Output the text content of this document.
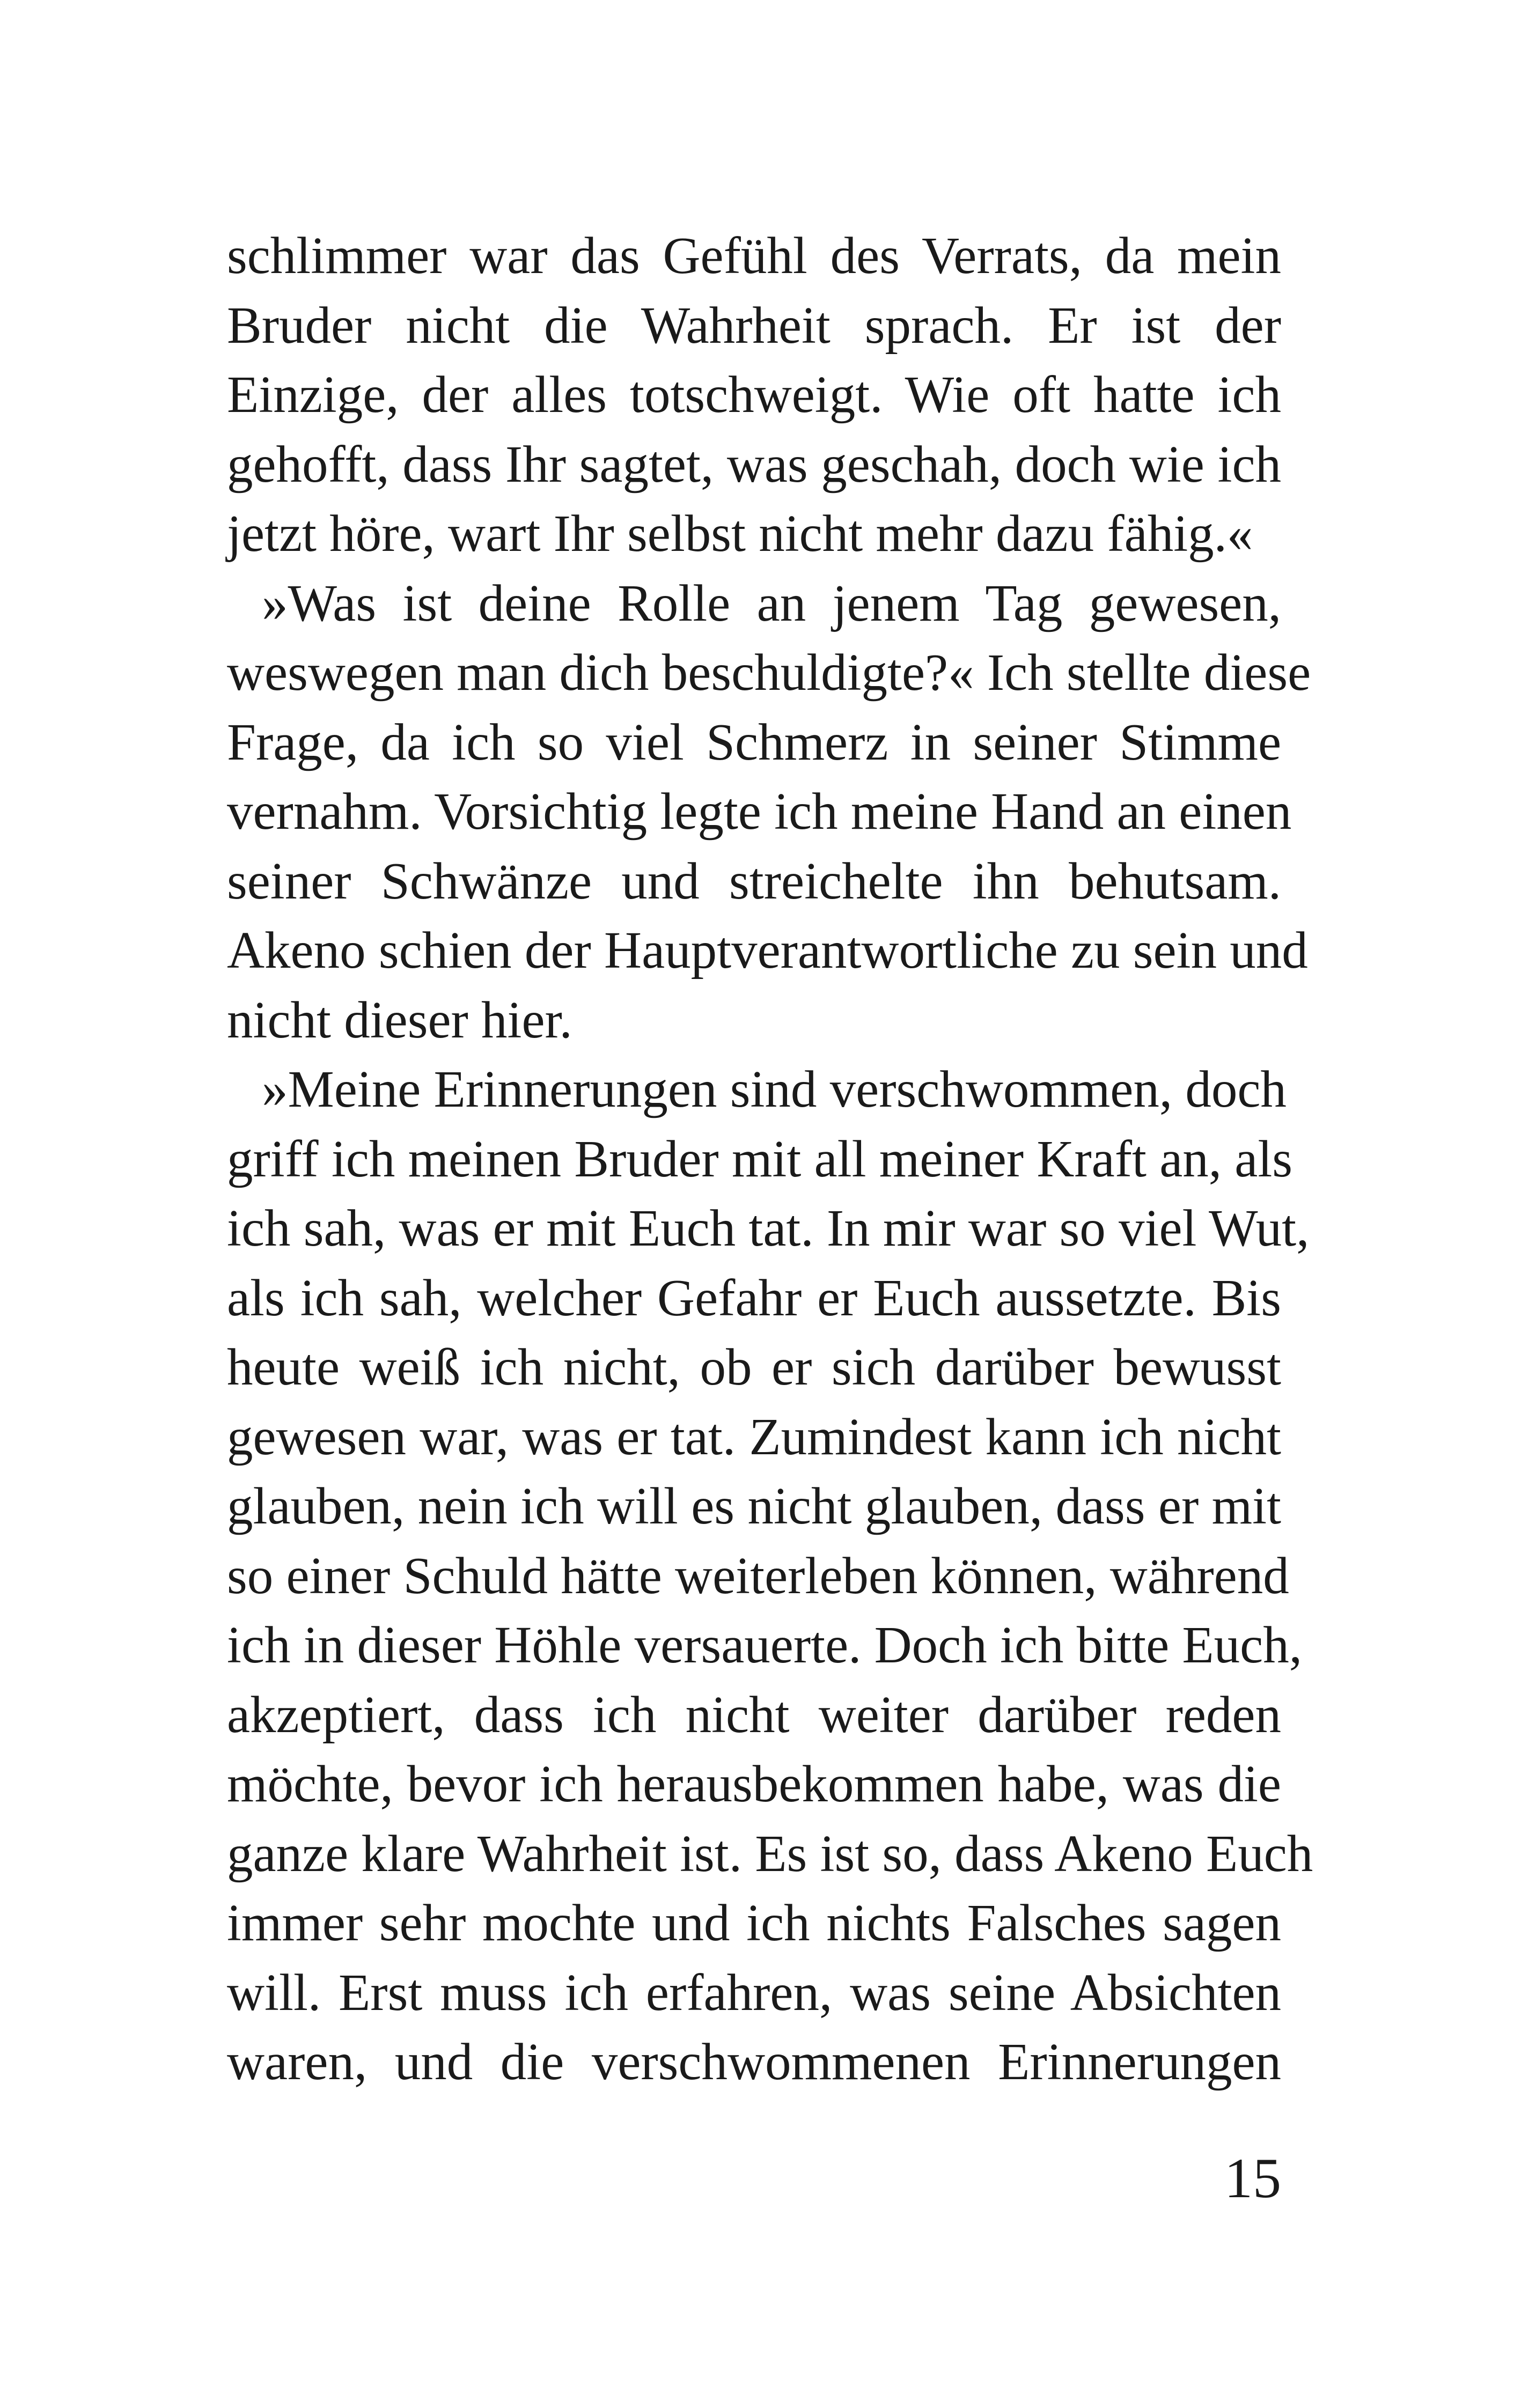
schlimmer war das Gefühl des Verrats, da mein
Bruder nicht die Wahrheit sprach. Er ist der
Einzige, der alles totschweigt. Wie oft hatte ich
gehofft, dass Ihr sagtet, was geschah, doch wie ich
jetzt höre, wart Ihr selbst nicht mehr dazu fähig.«
»Was ist deine Rolle an jenem Tag gewesen,
weswegen man dich beschuldigte?« Ich stellte diese
Frage, da ich so viel Schmerz in seiner Stimme
vernahm. Vorsichtig legte ich meine Hand an einen
seiner Schwänze und streichelte ihn behutsam.
Akeno schien der Hauptverantwortliche zu sein und
nicht dieser hier.
»Meine Erinnerungen sind verschwommen, doch
griff ich meinen Bruder mit all meiner Kraft an, als
ich sah, was er mit Euch tat. In mir war so viel Wut,
als ich sah, welcher Gefahr er Euch aussetzte. Bis
heute weiß ich nicht, ob er sich darüber bewusst
gewesen war, was er tat. Zumindest kann ich nicht
glauben, nein ich will es nicht glauben, dass er mit
so einer Schuld hätte weiterleben können, während
ich in dieser Höhle versauerte. Doch ich bitte Euch,
akzeptiert, dass ich nicht weiter darüber reden
möchte, bevor ich herausbekommen habe, was die
ganze klare Wahrheit ist. Es ist so, dass Akeno Euch
immer sehr mochte und ich nichts Falsches sagen
will. Erst muss ich erfahren, was seine Absichten
waren, und die verschwommenen Erinnerungen
15
